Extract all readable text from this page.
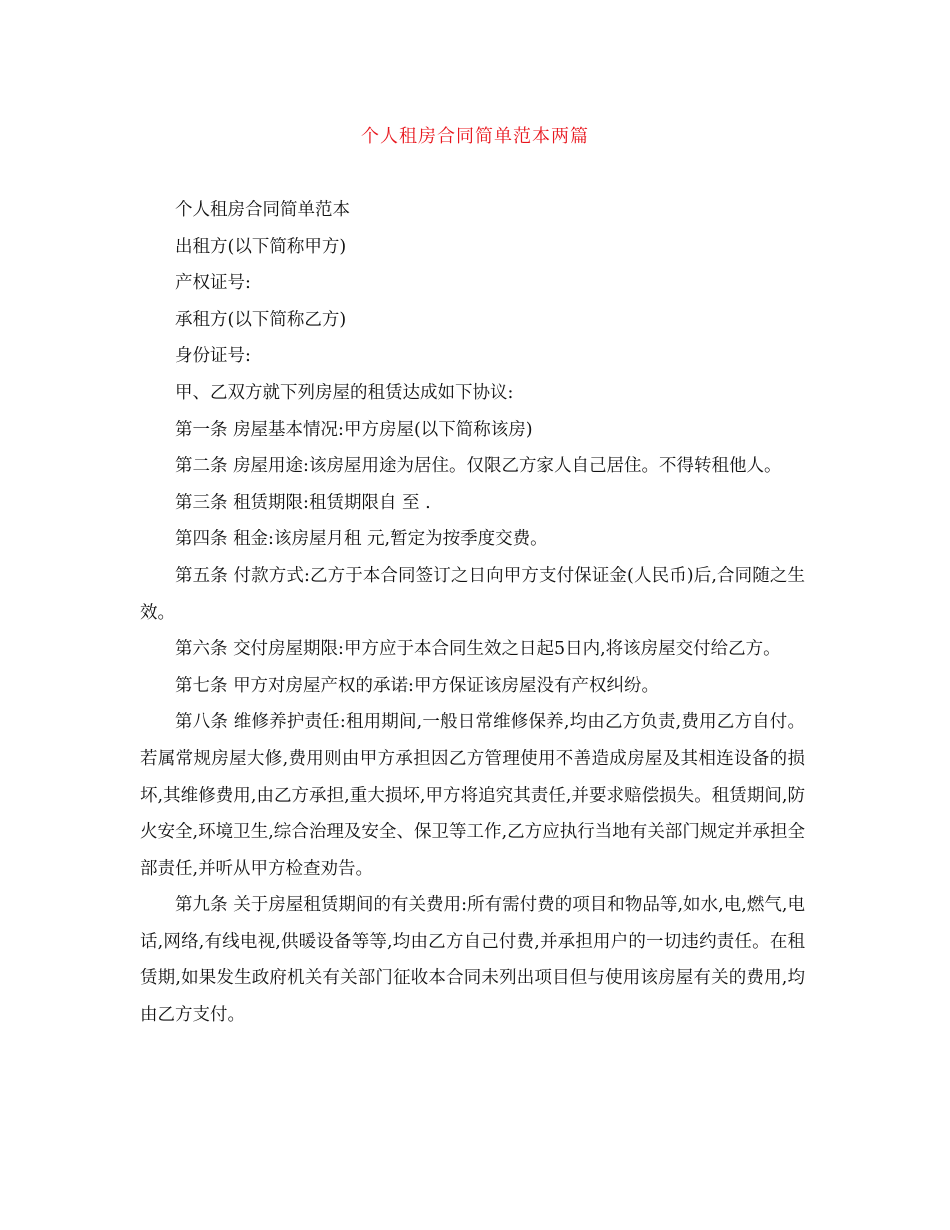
个人租房合同简单范本两篇

个人租房合同简单范本

出租方(以下简称甲方)

产权证号:

承租方(以下简称乙方)

身份证号:

甲、乙双方就下列房屋的租赁达成如下协议:

第一条 房屋基本情况:甲方房屋(以下简称该房)

第二条 房屋用途:该房屋用途为居住。仅限乙方家人自己居住。不得转租他人。

第三条 租赁期限:租赁期限自 至 .

第四条 租金:该房屋月租 元,暂定为按季度交费。

第五条 付款方式:乙方于本合同签订之日向甲方支付保证金(人民币)后,合同随之生效。

第六条 交付房屋期限:甲方应于本合同生效之日起5日内,将该房屋交付给乙方。

第七条 甲方对房屋产权的承诺:甲方保证该房屋没有产权纠纷。

第八条 维修养护责任:租用期间,一般日常维修保养,均由乙方负责,费用乙方自付。若属常规房屋大修,费用则由甲方承担因乙方管理使用不善造成房屋及其相连设备的损坏,其维修费用,由乙方承担,重大损坏,甲方将追究其责任,并要求赔偿损失。租赁期间,防火安全,环境卫生,综合治理及安全、保卫等工作,乙方应执行当地有关部门规定并承担全部责任,并听从甲方检查劝告。

第九条 关于房屋租赁期间的有关费用:所有需付费的项目和物品等,如水,电,燃气,电话,网络,有线电视,供暖设备等等,均由乙方自己付费,并承担用户的一切违约责任。在租赁期,如果发生政府机关有关部门征收本合同未列出项目但与使用该房屋有关的费用,均由乙方支付。
